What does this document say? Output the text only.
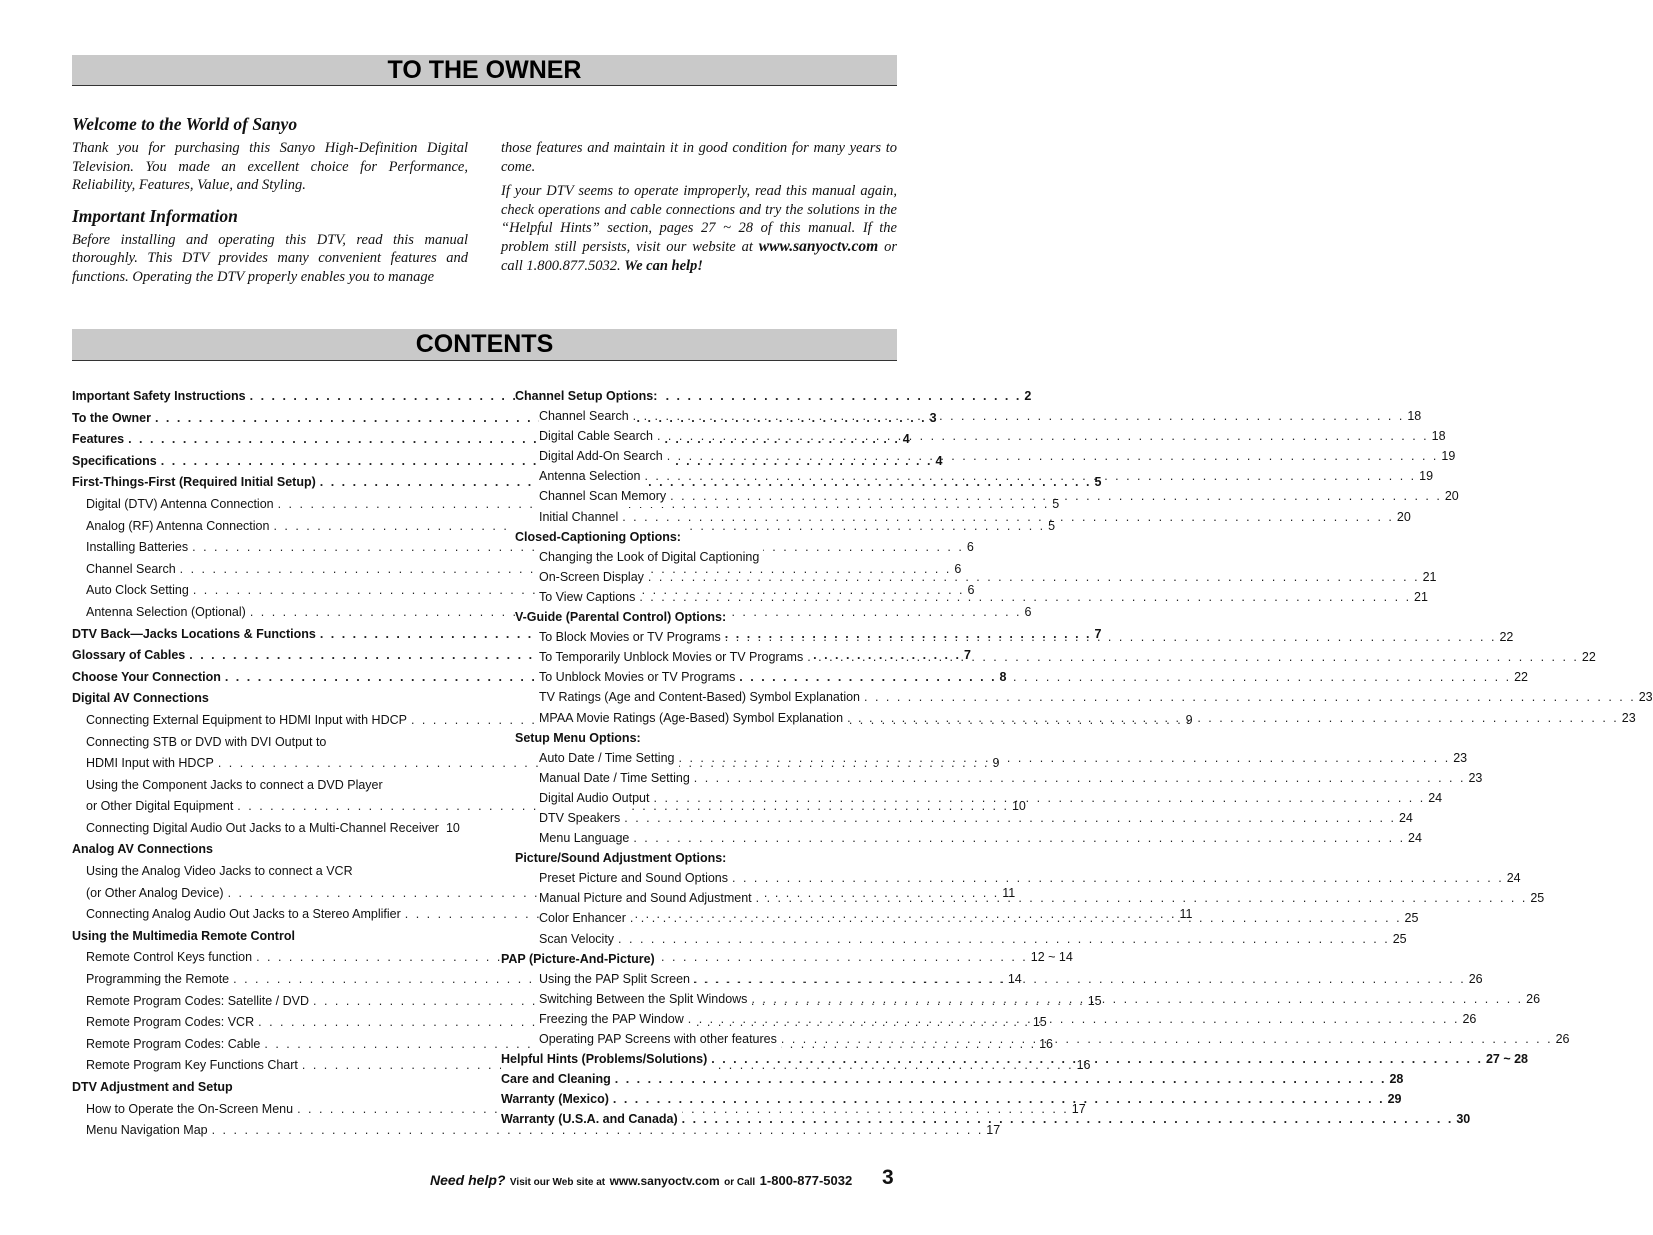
TO THE OWNER
Welcome to the World of Sanyo

Thank you for purchasing this Sanyo High-Definition Digital Television. You made an excellent choice for Performance, Reliability, Features, Value, and Styling.

Important Information

Before installing and operating this DTV, read this manual thoroughly. This DTV provides many convenient features and functions. Operating the DTV properly enables you to manage

those features and maintain it in good condition for many years to come.

If your DTV seems to operate improperly, read this manual again, check operations and cable connections and try the solutions in the “Helpful Hints” section, pages 27 ~ 28 of this manual. If the problem still persists, visit our website at www.sanyoctv.com or call 1.800.877.5032. We can help!

CONTENTS
Important Safety Instructions . . .	2
To the Owner . . .	3
Features . . .	4
Specifications . . .	4
First-Things-First (Required Initial Setup) . . .	5
Digital (DTV) Antenna Connection . . .	5
Analog (RF) Antenna Connection . . .	5
Installing Batteries . . .	6
Channel Search . . .	6
Auto Clock Setting . . .	6
Antenna Selection (Optional) . . .	6
DTV Back—Jacks Locations & Functions . . .	7
Glossary of Cables . . .	7
Choose Your Connection . . .	8
Digital AV Connections
Connecting External Equipment to HDMI Input with HDCP . . .	9
Connecting STB or DVD with DVI Output to
HDMI Input with HDCP . . .	9
Using the Component Jacks to connect a DVD Player
or Other Digital Equipment . . .	10
Connecting Digital Audio Out Jacks to a Multi-Channel Receiver 10
Analog AV Connections
Using the Analog Video Jacks to connect a VCR
(or Other Analog Device) . . .	11
Connecting Analog Audio Out Jacks to a Stereo Amplifier . . .	11
Using the Multimedia Remote Control
Remote Control Keys function . . .	12 ~ 14
Programming the Remote . . .	14
Remote Program Codes: Satellite / DVD . . .	15
Remote Program Codes: VCR . . .	15
Remote Program Codes: Cable . . .	16
Remote Program Key Functions Chart . . .	16
DTV Adjustment and Setup
How to Operate the On-Screen Menu . . .	17
Menu Navigation Map . . .	17
Channel Setup Options:
Channel Search . . .	18
Digital Cable Search . . .	18
Digital Add-On Search . . .	19
Antenna Selection . . .	19
Channel Scan Memory . . .	20
Initial Channel . . .	20
Closed-Captioning Options:
Changing the Look of Digital Captioning
On-Screen Display . . .	21
To View Captions . . .	21
V-Guide (Parental Control) Options:
To Block Movies or TV Programs . . .	22
To Temporarily Unblock Movies or TV Programs . . .	22
To Unblock Movies or TV Programs . . .	22
TV Ratings (Age and Content-Based) Symbol Explanation . . .	23
MPAA Movie Ratings (Age-Based) Symbol Explanation . . .	23
Setup Menu Options:
Auto Date / Time Setting . . .	23
Manual Date / Time Setting . . .	23
Digital Audio Output . . .	24
DTV Speakers . . .	24
Menu Language . . .	24
Picture/Sound Adjustment Options:
Preset Picture and Sound Options . . .	24
Manual Picture and Sound Adjustment . . .	25
Color Enhancer . . .	25
Scan Velocity . . .	25
PAP (Picture-And-Picture)
Using the PAP Split Screen . . .	26
Switching Between the Split Windows . . .	26
Freezing the PAP Window . . .	26
Operating PAP Screens with other features . . .	26
Helpful Hints (Problems/Solutions) . . .	27 ~ 28
Care and Cleaning . . .	28
Warranty (Mexico) . . .	29
Warranty (U.S.A. and Canada) . . .	30
Need help? Visit our Web site at www.sanyoctv.com or Call 1-800-877-5032	3
